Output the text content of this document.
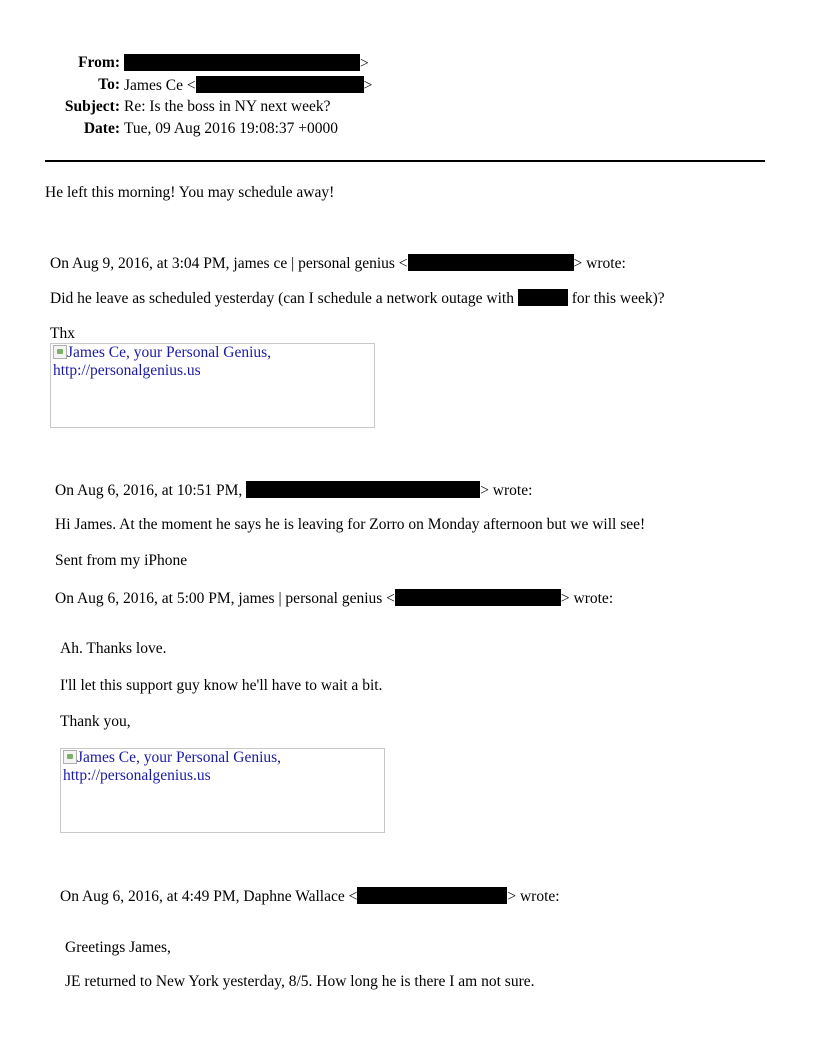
From:	>
To: James Ce <	>
Subject: Re: Is the boss in NY next week?
Date: Tue, 09 Aug 2016 19:08:37 +0000
He left this morning! You may schedule away!
On Aug 9, 2016, at 3:04 PM, james ce | personal genius <	> wrote:
Did he leave as scheduled yesterday (can I schedule a network outage with	for this week)?
Thx
James Ce, your Personal Genius, http://personalgenius.us
On Aug 6, 2016, at 10:51 PM,	> wrote:
Hi James. At the moment he says he is leaving for Zorro on Monday afternoon but we will see!
Sent from my iPhone
On Aug 6, 2016, at 5:00 PM, james | personal genius <	> wrote:
Ah. Thanks love.
I'll let this support guy know he'll have to wait a bit.
Thank you,
James Ce, your Personal Genius, http://personalgenius.us
On Aug 6, 2016, at 4:49 PM, Daphne Wallace <	> wrote:
Greetings James,
JE returned to New York yesterday, 8/5. How long he is there I am not sure.
